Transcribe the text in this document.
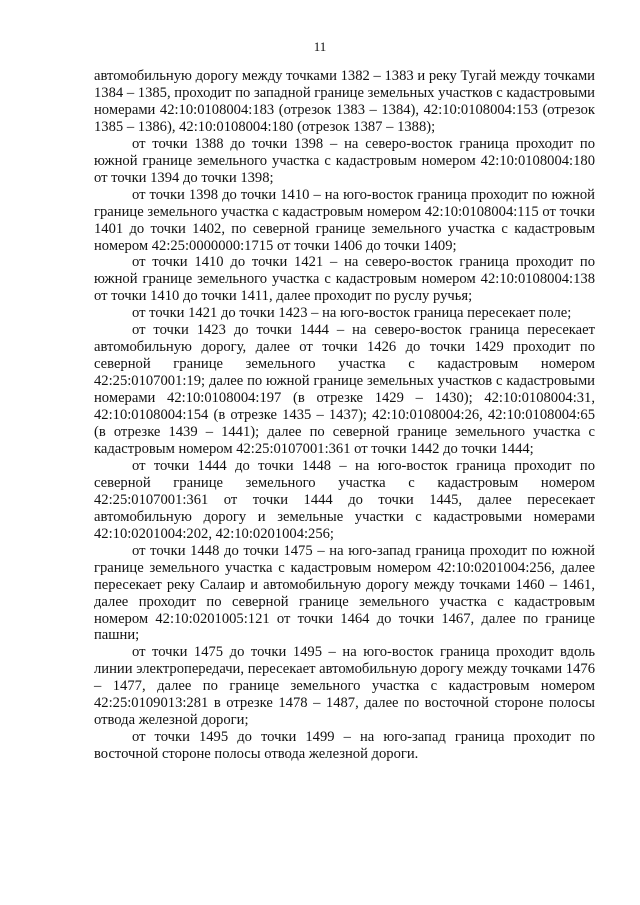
11

автомобильную дорогу между точками 1382 – 1383 и реку Тугай между точками 1384 – 1385, проходит по западной границе земельных участков с кадастровыми номерами 42:10:0108004:183 (отрезок 1383 – 1384), 42:10:0108004:153 (отрезок 1385 – 1386), 42:10:0108004:180 (отрезок 1387 – 1388);

от точки 1388 до точки 1398 – на северо-восток граница проходит по южной границе земельного участка с кадастровым номером 42:10:0108004:180 от точки 1394 до точки 1398;

от точки 1398 до точки 1410 – на юго-восток граница проходит по южной границе земельного участка с кадастровым номером 42:10:0108004:115 от точки 1401 до точки 1402, по северной границе земельного участка с кадастровым номером 42:25:0000000:1715 от точки 1406 до точки 1409;

от точки 1410 до точки 1421 – на северо-восток граница проходит по южной границе земельного участка с кадастровым номером 42:10:0108004:138 от точки 1410 до точки 1411, далее проходит по руслу ручья;

от точки 1421 до точки 1423 – на юго-восток граница пересекает поле;

от точки 1423 до точки 1444 – на северо-восток граница пересекает автомобильную дорогу, далее от точки 1426 до точки 1429 проходит по северной границе земельного участка с кадастровым номером 42:25:0107001:19; далее по южной границе земельных участков с кадастровыми номерами 42:10:0108004:197 (в отрезке 1429 – 1430); 42:10:0108004:31, 42:10:0108004:154 (в отрезке 1435 – 1437); 42:10:0108004:26, 42:10:0108004:65 (в отрезке 1439 – 1441); далее по северной границе земельного участка с кадастровым номером 42:25:0107001:361 от точки 1442 до точки 1444;

от точки 1444 до точки 1448 – на юго-восток граница проходит по северной границе земельного участка с кадастровым номером 42:25:0107001:361 от точки 1444 до точки 1445, далее пересекает автомобильную дорогу и земельные участки с кадастровыми номерами 42:10:0201004:202, 42:10:0201004:256;

от точки 1448 до точки 1475 – на юго-запад граница проходит по южной границе земельного участка с кадастровым номером 42:10:0201004:256, далее пересекает реку Салаир и автомобильную дорогу между точками 1460 – 1461, далее проходит по северной границе земельного участка с кадастровым номером 42:10:0201005:121 от точки 1464 до точки 1467, далее по границе пашни;

от точки 1475 до точки 1495 – на юго-восток граница проходит вдоль линии электропередачи, пересекает автомобильную дорогу между точками 1476 – 1477, далее по границе земельного участка с кадастровым номером 42:25:0109013:281 в отрезке 1478 – 1487, далее по восточной стороне полосы отвода железной дороги;

от точки 1495 до точки 1499 – на юго-запад граница проходит по восточной стороне полосы отвода железной дороги.
